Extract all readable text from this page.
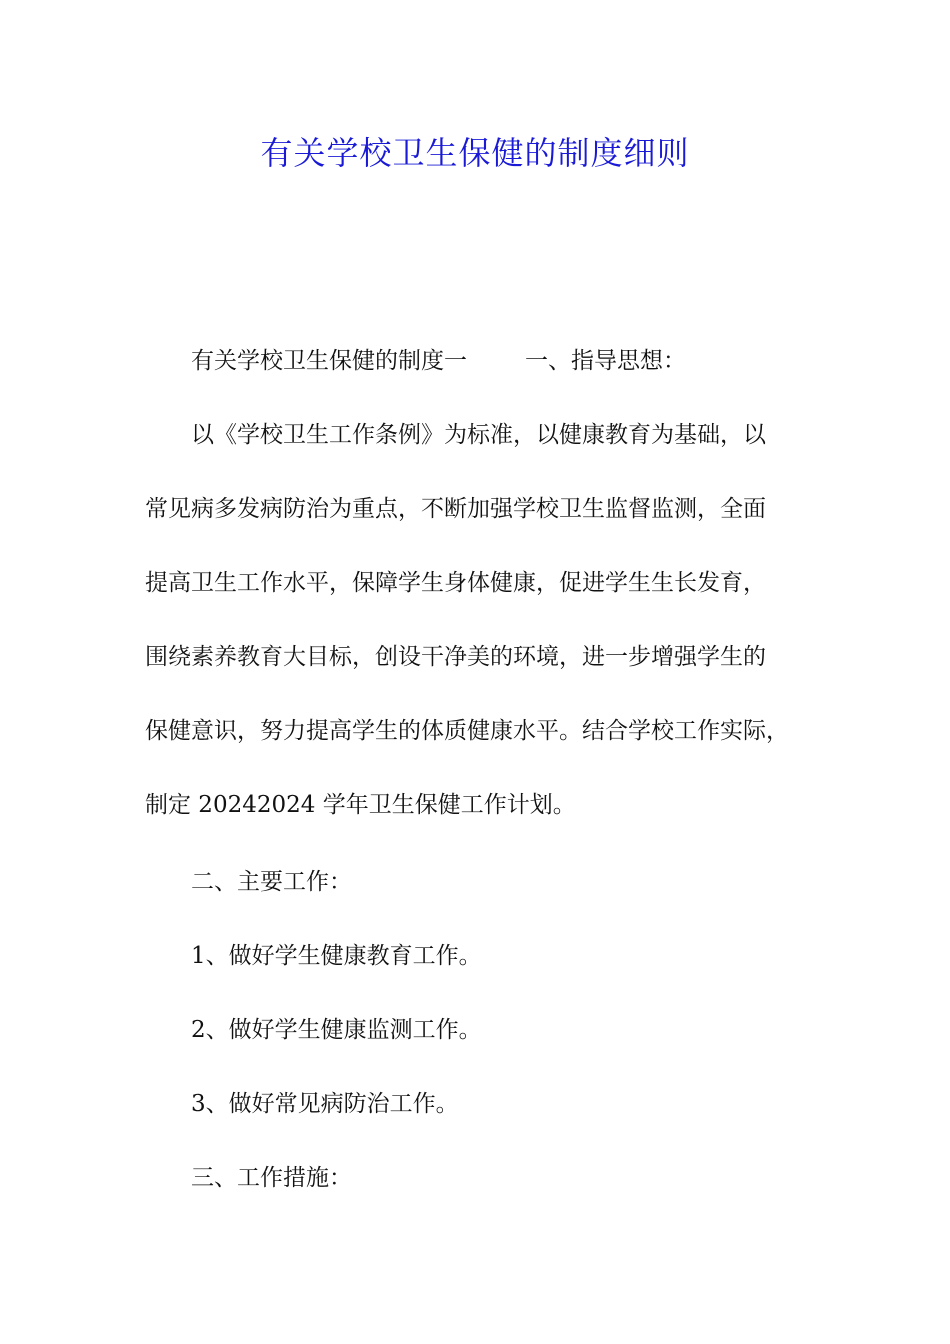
有关学校卫生保健的制度细则
有关学校卫生保健的制度一	一、指导思想：
以《学校卫生工作条例》为标准，以健康教育为基础，以
常见病多发病防治为重点，不断加强学校卫生监督监测，全面
提高卫生工作水平，保障学生身体健康，促进学生生长发育，
围绕素养教育大目标，创设干净美的环境，进一步增强学生的
保健意识，努力提高学生的体质健康水平。结合学校工作实际，
制定 20242024 学年卫生保健工作计划。
二、主要工作：
1、做好学生健康教育工作。
2、做好学生健康监测工作。
3、做好常见病防治工作。
三、工作措施：
